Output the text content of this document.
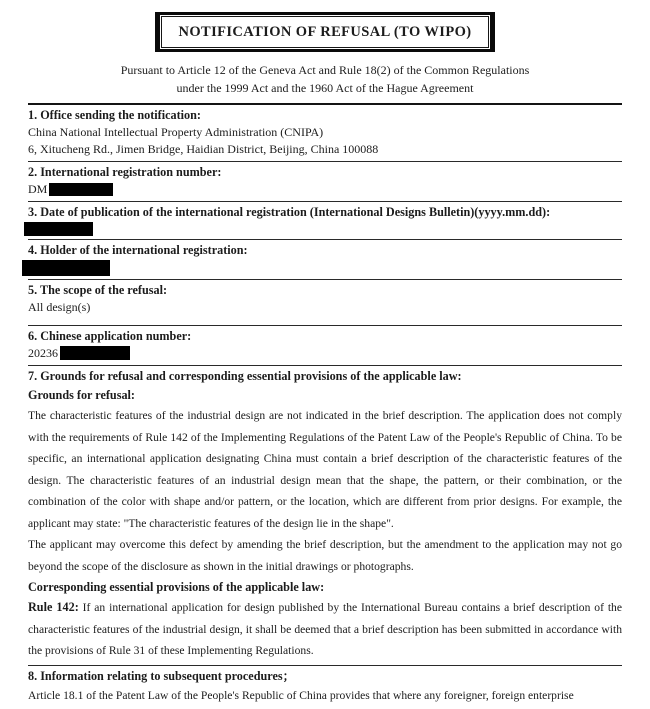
NOTIFICATION OF REFUSAL (TO WIPO)
Pursuant to Article 12 of the Geneva Act and Rule 18(2) of the Common Regulations
under the 1999 Act and the 1960 Act of the Hague Agreement
1. Office sending the notification:
China National Intellectual Property Administration (CNIPA)
6, Xitucheng Rd., Jimen Bridge, Haidian District, Beijing, China 100088
2. International registration number:
DM
3. Date of publication of the international registration (International Designs Bulletin)(yyyy.mm.dd):
4. Holder of the international registration:
5. The scope of the refusal:
All design(s)
6. Chinese application number:
20236
7. Grounds for refusal and corresponding essential provisions of the applicable law:
Grounds for refusal:
The characteristic features of the industrial design are not indicated in the brief description. The application does not comply with the requirements of Rule 142 of the Implementing Regulations of the Patent Law of the People's Republic of China. To be specific, an international application designating China must contain a brief description of the characteristic features of the design. The characteristic features of an industrial design mean that the shape, the pattern, or their combination, or the combination of the color with shape and/or pattern, or the location, which are different from prior designs. For example, the applicant may state: "The characteristic features of the design lie in the shape".
The applicant may overcome this defect by amending the brief description, but the amendment to the application may not go beyond the scope of the disclosure as shown in the initial drawings or photographs.
Corresponding essential provisions of the applicable law:
Rule 142: If an international application for design published by the International Bureau contains a brief description of the characteristic features of the industrial design, it shall be deemed that a brief description has been submitted in accordance with the provisions of Rule 31 of these Implementing Regulations.
8. Information relating to subsequent procedures；
Article 18.1 of the Patent Law of the People's Republic of China provides that where any foreigner, foreign enterprise
